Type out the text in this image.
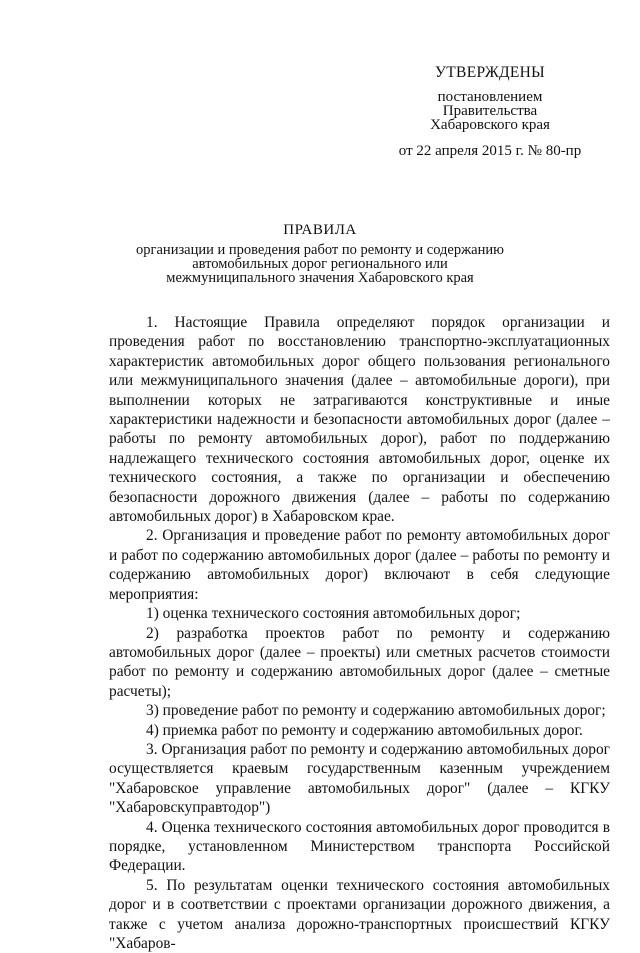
УТВЕРЖДЕНЫ
постановлением
Правительства
Хабаровского края
от 22 апреля 2015 г. № 80-пр
ПРАВИЛА
организации и проведения работ по ремонту и содержанию автомобильных дорог регионального или межмуниципального значения Хабаровского края

1. Настоящие Правила определяют порядок организации и проведения работ по восстановлению транспортно-эксплуатационных характеристик автомобильных дорог общего пользования регионального или межмуниципального значения (далее – автомобильные дороги), при выполнении которых не затрагиваются конструктивные и иные характеристики надежности и безопасности автомобильных дорог (далее – работы по ремонту автомобильных дорог), работ по поддержанию надлежащего технического состояния автомобильных дорог, оценке их технического состояния, а также по организации и обеспечению безопасности дорожного движения (далее – работы по содержанию автомобильных дорог) в Хабаровском крае.

2. Организация и проведение работ по ремонту автомобильных дорог и работ по содержанию автомобильных дорог (далее – работы по ремонту и содержанию автомобильных дорог) включают в себя следующие мероприятия:

1) оценка технического состояния автомобильных дорог;

2) разработка проектов работ по ремонту и содержанию автомобильных дорог (далее – проекты) или сметных расчетов стоимости работ по ремонту и содержанию автомобильных дорог (далее – сметные расчеты);

3) проведение работ по ремонту и содержанию автомобильных дорог;

4) приемка работ по ремонту и содержанию автомобильных дорог.

3. Организация работ по ремонту и содержанию автомобильных дорог осуществляется краевым государственным казенным учреждением "Хабаровское управление автомобильных дорог" (далее – КГКУ "Хабаровскуправтодор")

4. Оценка технического состояния автомобильных дорог проводится в порядке, установленном Министерством транспорта Российской Федерации.

5. По результатам оценки технического состояния автомобильных дорог и в соответствии с проектами организации дорожного движения, а также с учетом анализа дорожно-транспортных происшествий КГКУ "Хабаров-
